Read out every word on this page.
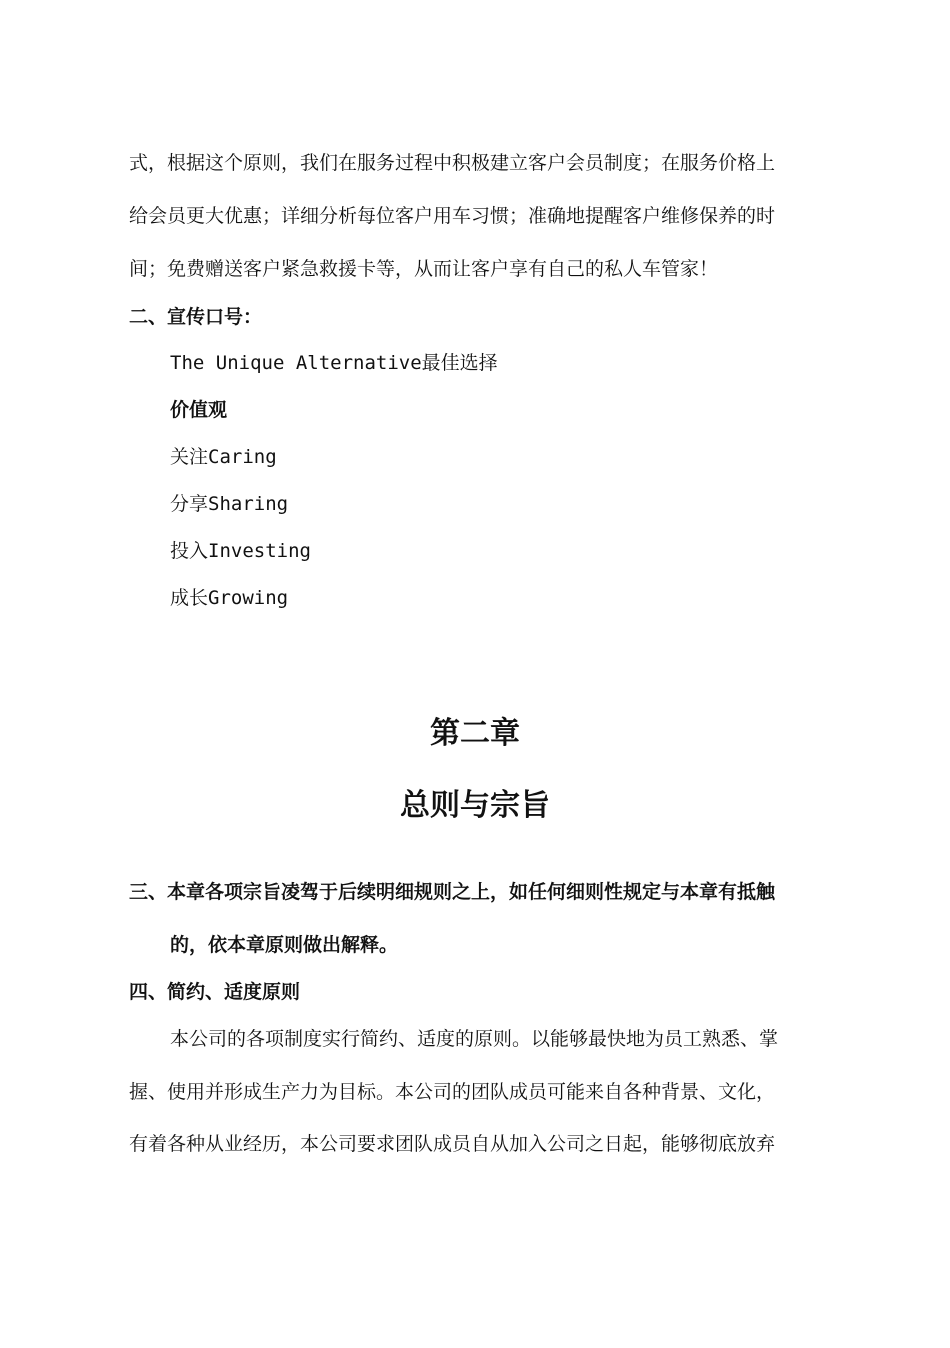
式，根据这个原则，我们在服务过程中积极建立客户会员制度；在服务价格上
给会员更大优惠；详细分析每位客户用车习惯；准确地提醒客户维修保养的时
间；免费赠送客户紧急救援卡等，从而让客户享有自己的私人车管家！
二、宣传口号：
The Unique Alternative最佳选择
价值观
关注Caring
分享Sharing
投入Investing
成长Growing
第二章
总则与宗旨
三、本章各项宗旨凌驾于后续明细规则之上，如任何细则性规定与本章有抵触
的，依本章原则做出解释。
四、简约、适度原则
本公司的各项制度实行简约、适度的原则。以能够最快地为员工熟悉、掌
握、使用并形成生产力为目标。本公司的团队成员可能来自各种背景、文化，
有着各种从业经历，本公司要求团队成员自从加入公司之日起，能够彻底放弃
